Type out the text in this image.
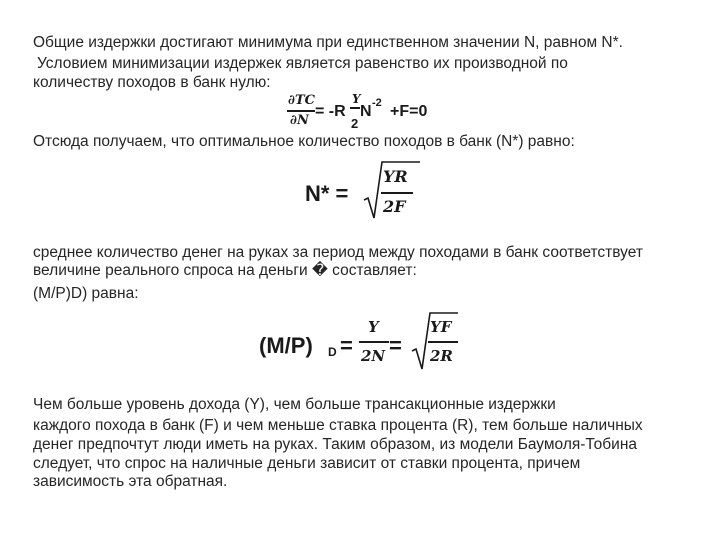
Общие издержки достигают минимума при единственном значении N, равном N*.
Условием минимизации издержек является равенство их производной по
количеству походов в банк нулю:
∂TC
∂N
= -R
Y
2
N -2 +F=0
Отсюда получаем, что оптимальное количество походов в банк (N*) равно:
N* =
YR
2F
среднее количество денег на руках за период между походами в банк соответствует
величине реального спроса на деньги � составляет:
(M/P)D) равна:
(M/P) D =
Y
2N =
YF
2R
Чем больше уровень дохода (Y), чем больше трансакционные издержки
каждого похода в банк (F) и чем меньше ставка процента (R), тем больше наличных
денег предпочтут люди иметь на руках. Таким образом, из модели Баумоля-Тобина
следует, что спрос на наличные деньги зависит от ставки процента, причем
зависимость эта обратная.
